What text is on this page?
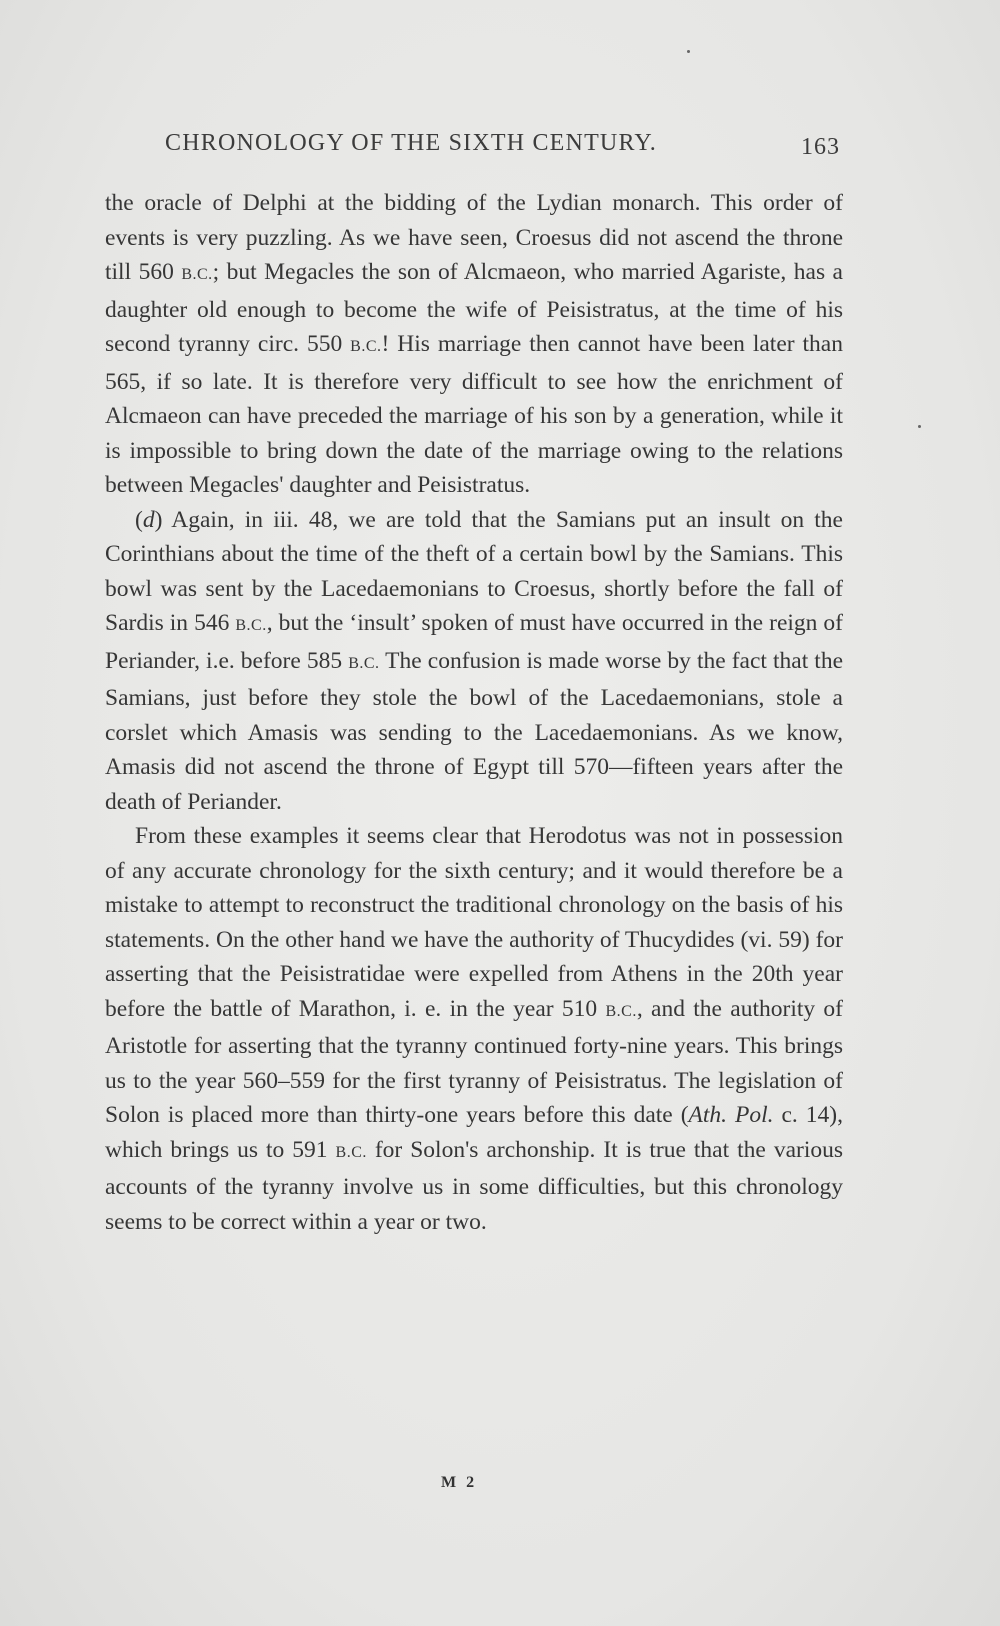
CHRONOLOGY OF THE SIXTH CENTURY.	163

the oracle of Delphi at the bidding of the Lydian monarch. This order of events is very puzzling. As we have seen, Croesus did not ascend the throne till 560 B.C.; but Megacles the son of Alcmaeon, who married Agariste, has a daughter old enough to become the wife of Peisistratus, at the time of his second tyranny circ. 550 B.C.! His marriage then cannot have been later than 565, if so late. It is therefore very difficult to see how the enrichment of Alcmaeon can have preceded the marriage of his son by a generation, while it is impossible to bring down the date of the marriage owing to the relations between Megacles' daughter and Peisistratus.

(d) Again, in iii. 48, we are told that the Samians put an insult on the Corinthians about the time of the theft of a certain bowl by the Samians. This bowl was sent by the Lacedaemonians to Croesus, shortly before the fall of Sardis in 546 B.C., but the ‘insult’ spoken of must have occurred in the reign of Periander, i.e. before 585 B.C. The confusion is made worse by the fact that the Samians, just before they stole the bowl of the Lacedaemonians, stole a corslet which Amasis was sending to the Lacedaemonians. As we know, Amasis did not ascend the throne of Egypt till 570—fifteen years after the death of Periander.

From these examples it seems clear that Herodotus was not in possession of any accurate chronology for the sixth century; and it would therefore be a mistake to attempt to reconstruct the traditional chronology on the basis of his statements. On the other hand we have the authority of Thucydides (vi. 59) for asserting that the Peisistratidae were expelled from Athens in the 20th year before the battle of Marathon, i. e. in the year 510 B.C., and the authority of Aristotle for asserting that the tyranny continued forty-nine years. This brings us to the year 560–559 for the first tyranny of Peisistratus. The legislation of Solon is placed more than thirty-one years before this date (Ath. Pol. c. 14), which brings us to 591 B.C. for Solon's archonship. It is true that the various accounts of the tyranny involve us in some difficulties, but this chronology seems to be correct within a year or two.

M 2
